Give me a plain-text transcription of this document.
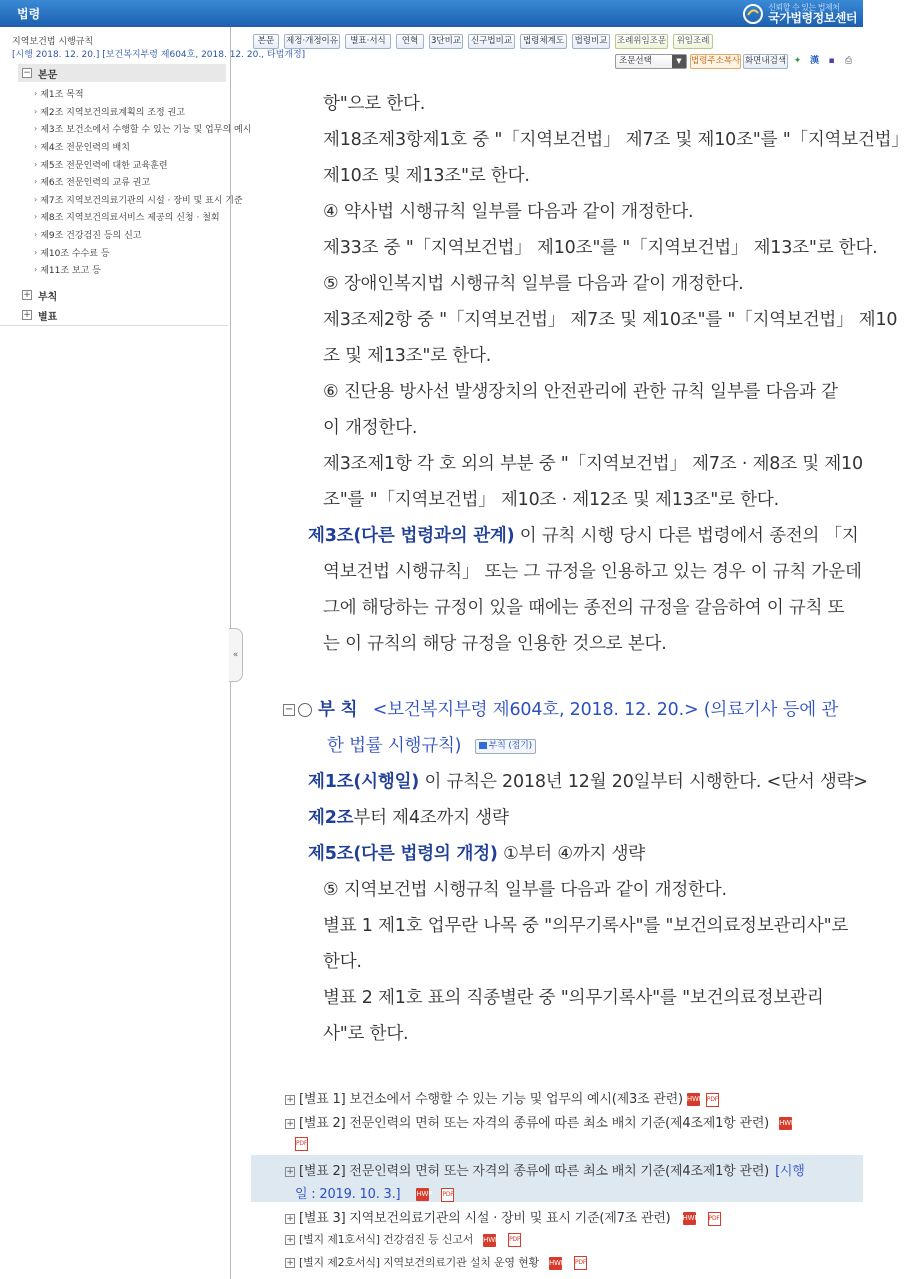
법령	신뢰할 수 있는 법제처
국가법령정보센터
지역보건법 시행규칙
[시행 2018. 12. 20.] [보건복지부령 제604호, 2018. 12. 20., 타법개정]
− 본문
› 제1조 목적
› 제2조 지역보건의료계획의 조정 권고
› 제3조 보건소에서 수행할 수 있는 기능 및 업무의 예시
› 제4조 전문인력의 배치
› 제5조 전문인력에 대한 교육훈련
› 제6조 전문인력의 교류 권고
› 제7조 지역보건의료기관의 시설 · 장비 및 표시 기준
› 제8조 지역보건의료서비스 제공의 신청 · 철회
› 제9조 건강검진 등의 신고
› 제10조 수수료 등
› 제11조 보고 등
+ 부칙
+ 별표
«
본문	제정·개정이유	별표·서식	연혁	3단비교	신구법비교	법령체계도	법령비교	조례위임조문	위임조례
조문선택	▼	법령주소복사 화면내검색 ✦ 漢 ▪ ⎙
항"으로 한다.
제18조제3항제1호 중 "「지역보건법」 제7조 및 제10조"를 "「지역보건법」
제10조 및 제13조"로 한다.
④ 약사법 시행규칙 일부를 다음과 같이 개정한다.
제33조 중 "「지역보건법」 제10조"를 "「지역보건법」 제13조"로 한다.
⑤ 장애인복지법 시행규칙 일부를 다음과 같이 개정한다.
제3조제2항 중 "「지역보건법」 제7조 및 제10조"를 "「지역보건법」 제10
조 및 제13조"로 한다.
⑥ 진단용 방사선 발생장치의 안전관리에 관한 규칙 일부를 다음과 같
이 개정한다.
제3조제1항 각 호 외의 부분 중 "「지역보건법」 제7조 · 제8조 및 제10
조"를 "「지역보건법」 제10조 · 제12조 및 제13조"로 한다.
제3조(다른 법령과의 관계) 이 규칙 시행 당시 다른 법령에서 종전의 「지
역보건법 시행규칙」 또는 그 규정을 인용하고 있는 경우 이 규칙 가운데
그에 해당하는 규정이 있을 때에는 종전의 규정을 갈음하여 이 규칙 또
는 이 규칙의 해당 규정을 인용한 것으로 본다.
− 부 칙 <보건복지부령 제604호, 2018. 12. 20.> (의료기사 등에 관
한 법률 시행규칙)	부칙 (접기)
제1조(시행일) 이 규칙은 2018년 12월 20일부터 시행한다. <단서 생략>
제2조부터 제4조까지 생략
제5조(다른 법령의 개정) ①부터 ④까지 생략
⑤ 지역보건법 시행규칙 일부를 다음과 같이 개정한다.
별표 1 제1호 업무란 나목 중 "의무기록사"를 "보건의료정보관리사"로
한다.
별표 2 제1호 표의 직종별란 중 "의무기록사"를 "보건의료정보관리
사"로 한다.
+ [별표 1] 보건소에서 수행할 수 있는 기능 및 업무의 예시(제3조 관련) HWP PDF
+ [별표 2] 전문인력의 면허 또는 자격의 종류에 따른 최소 배치 기준(제4조제1항 관련) HWP
PDF
+ [별표 2] 전문인력의 면허 또는 자격의 종류에 따른 최소 배치 기준(제4조제1항 관련) [시행
일 : 2019. 10. 3.] HWP PDF
+ [별표 3] 지역보건의료기관의 시설 · 장비 및 표시 기준(제7조 관련) HWP PDF
+ [별지 제1호서식] 건강검진 등 신고서 HWP PDF
+ [별지 제2호서식] 지역보건의료기관 설치 운영 현황 HWP PDF
